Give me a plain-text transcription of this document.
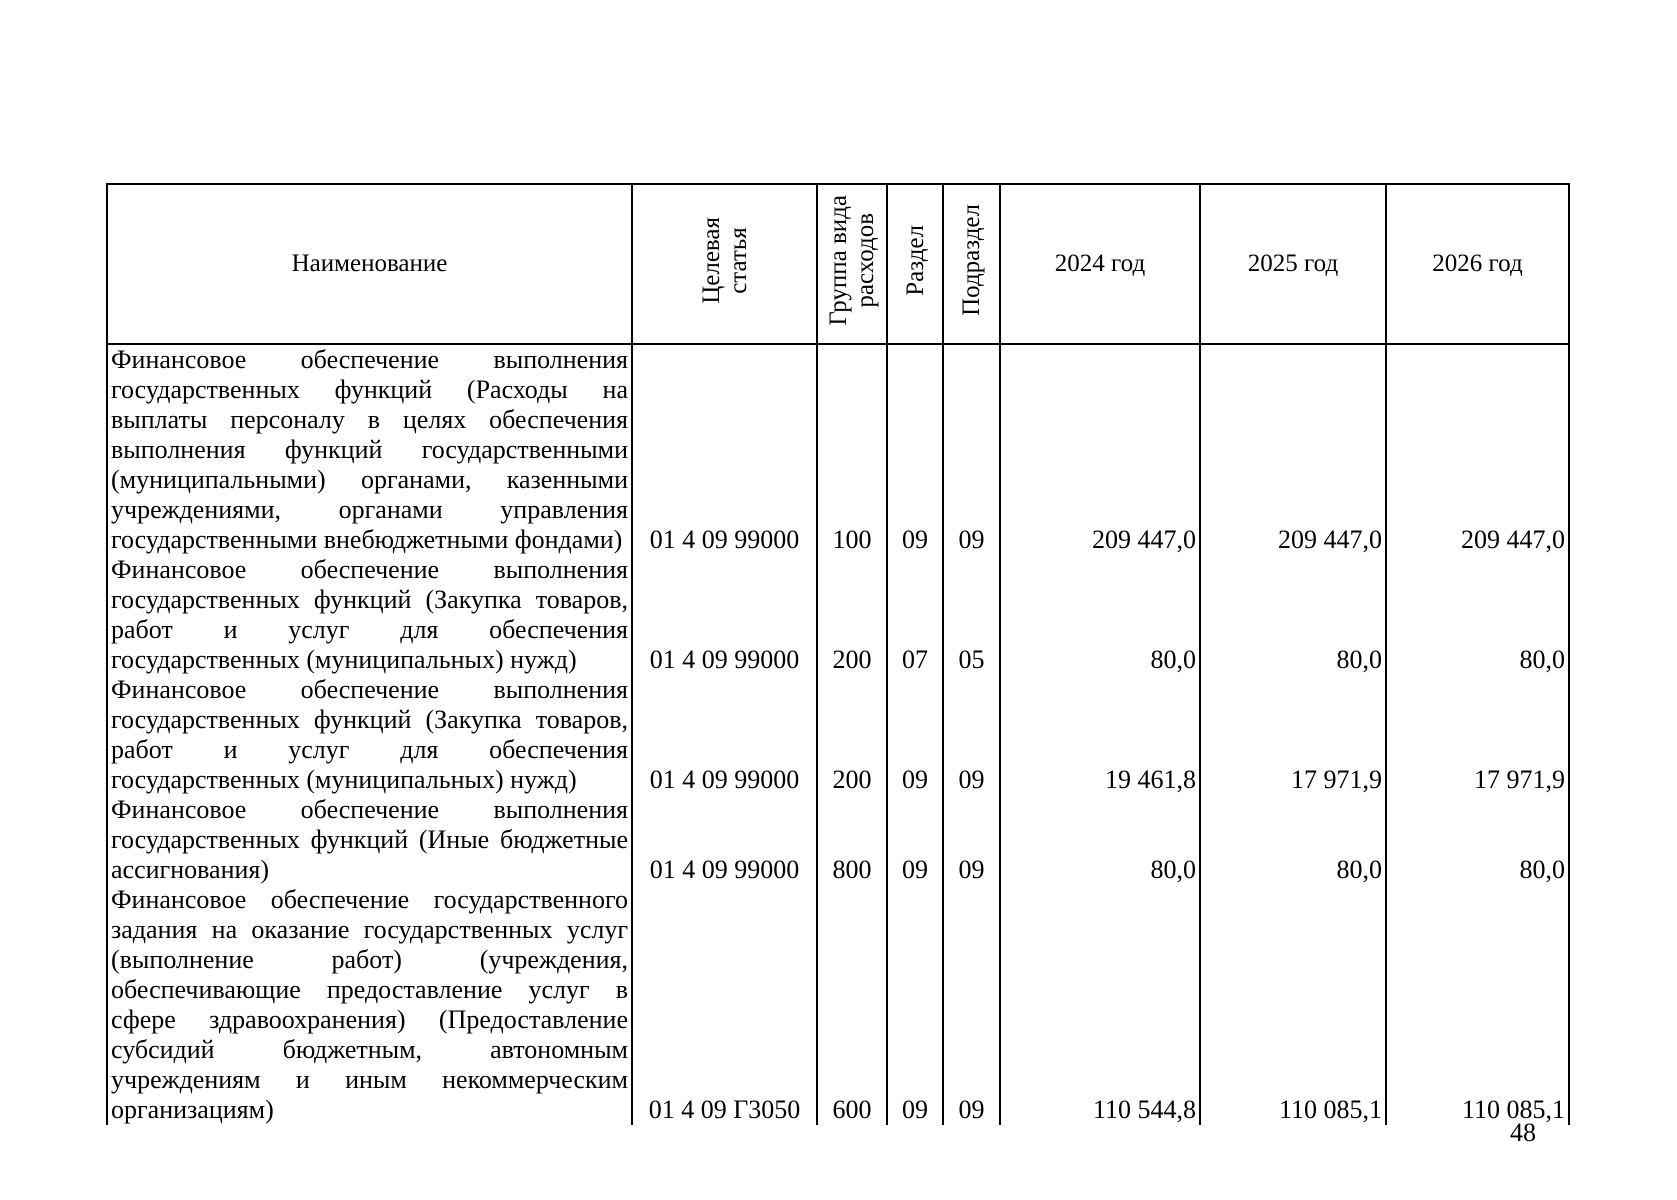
Наименование	Целевая статья	Группа вида расходов	Раздел	Подраздел	2024 год	2025 год	2026 год
Финансовое обеспечение выполнения государственных функций (Расходы на выплаты персоналу в целях обеспечения выполнения функций государственными (муниципальными) органами, казенными учреждениями, органами управления государственными внебюджетными фондами)	01 4 09 99000	100	09	09	209 447,0	209 447,0	209 447,0
Финансовое обеспечение выполнения государственных функций (Закупка товаров, работ и услуг для обеспечения государственных (муниципальных) нужд)	01 4 09 99000	200	07	05	80,0	80,0	80,0
Финансовое обеспечение выполнения государственных функций (Закупка товаров, работ и услуг для обеспечения государственных (муниципальных) нужд)	01 4 09 99000	200	09	09	19 461,8	17 971,9	17 971,9
Финансовое обеспечение выполнения государственных функций (Иные бюджетные ассигнования)	01 4 09 99000	800	09	09	80,0	80,0	80,0
Финансовое обеспечение государственного задания на оказание государственных услуг (выполнение работ) (учреждения, обеспечивающие предоставление услуг в сфере здравоохранения) (Предоставление субсидий бюджетным, автономным учреждениям и иным некоммерческим организациям)	01 4 09 Г3050	600	09	09	110 544,8	110 085,1	110 085,1
48
